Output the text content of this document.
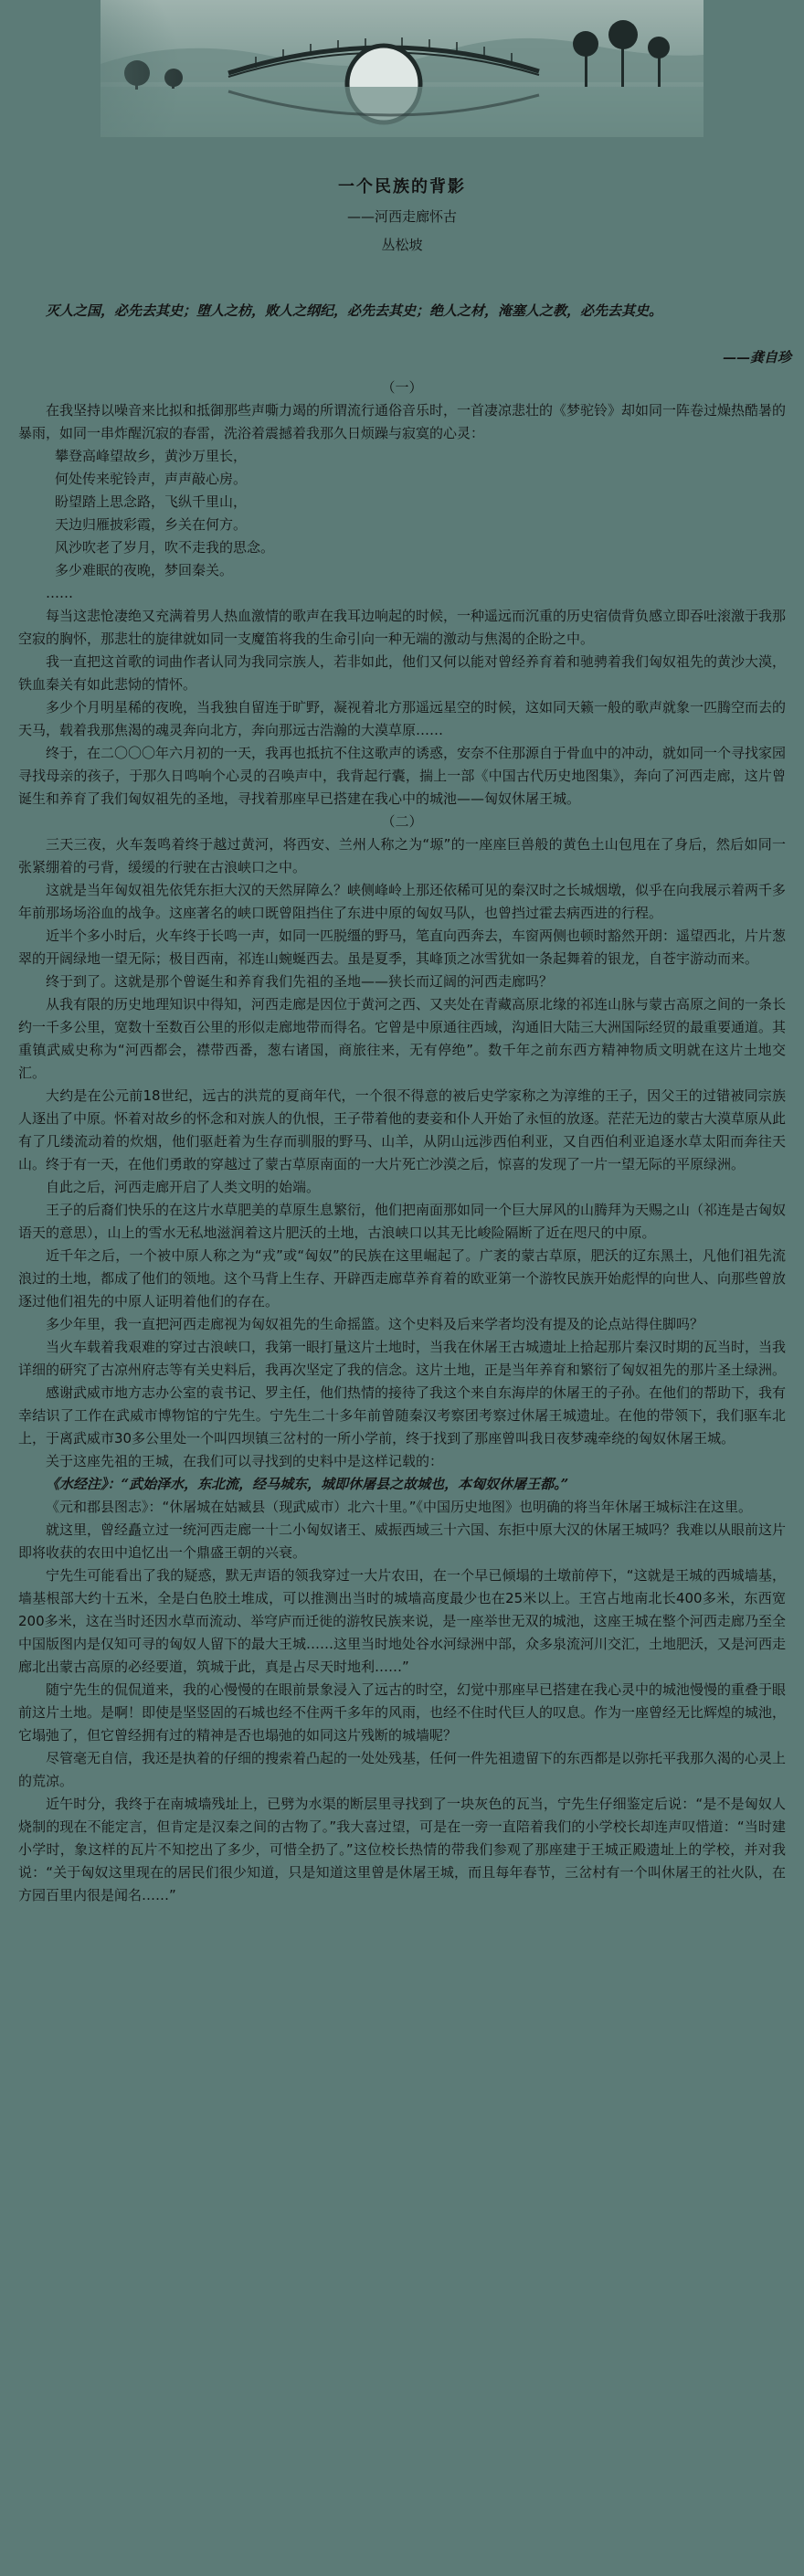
一个民族的背影
——河西走廊怀古
丛松坡
灭人之国，必先去其史；堕人之枋，败人之纲纪，必先去其史；绝人之材，淹塞人之教，必先去其史。
——龚自珍
（一）

在我坚持以噪音来比拟和抵御那些声嘶力竭的所谓流行通俗音乐时，一首凄凉悲壮的《梦驼铃》却如同一阵卷过燥热酷暑的暴雨，如同一串炸醒沉寂的春雷，洗浴着震撼着我那久日烦躁与寂寞的心灵：

攀登高峰望故乡，黄沙万里长，
何处传来驼铃声，声声敲心房。
盼望踏上思念路，飞纵千里山，
天边归雁披彩霞，乡关在何方。
风沙吹老了岁月，吹不走我的思念。
多少难眠的夜晚，梦回秦关。
……

每当这悲怆凄绝又充满着男人热血激情的歌声在我耳边响起的时候，一种遥远而沉重的历史宿债背负感立即吞吐滚激于我那空寂的胸怀，那悲壮的旋律就如同一支魔笛将我的生命引向一种无端的激动与焦渴的企盼之中。

我一直把这首歌的词曲作者认同为我同宗族人，若非如此，他们又何以能对曾经养育着和驰骋着我们匈奴祖先的黄沙大漠，铁血秦关有如此悲恸的情怀。

多少个月明星稀的夜晚，当我独自留连于旷野，凝视着北方那遥远星空的时候，这如同天籁一般的歌声就象一匹腾空而去的天马，载着我那焦渴的魂灵奔向北方，奔向那远古浩瀚的大漠草原……

终于，在二〇〇〇年六月初的一天，我再也抵抗不住这歌声的诱惑，安奈不住那源自于骨血中的冲动，就如同一个寻找家园寻找母亲的孩子，于那久日鸣响个心灵的召唤声中，我背起行囊，揣上一部《中国古代历史地图集》，奔向了河西走廊，这片曾诞生和养育了我们匈奴祖先的圣地，寻找着那座早已搭建在我心中的城池——匈奴休屠王城。

（二）

三天三夜，火车轰鸣着终于越过黄河，将西安、兰州人称之为“塬”的一座座巨兽般的黄色土山包甩在了身后，然后如同一张紧绷着的弓背，缓缓的行驶在古浪峡口之中。

这就是当年匈奴祖先依凭东拒大汉的天然屏障么？峡侧峰岭上那还依稀可见的秦汉时之长城烟墩，似乎在向我展示着两千多年前那场场浴血的战争。这座著名的峡口既曾阻挡住了东进中原的匈奴马队，也曾挡过霍去病西进的行程。

近半个多小时后，火车终于长鸣一声，如同一匹脱缰的野马，笔直向西奔去，车窗两侧也顿时豁然开朗：遥望西北，片片葱翠的开阔绿地一望无际；极目西南，祁连山蜿蜒西去。虽是夏季，其峰顶之冰雪犹如一条起舞着的银龙，自苍宇游动而来。

终于到了。这就是那个曾诞生和养育我们先祖的圣地——狭长而辽阔的河西走廊吗？

从我有限的历史地理知识中得知，河西走廊是因位于黄河之西、又夹处在青藏高原北缘的祁连山脉与蒙古高原之间的一条长约一千多公里，宽数十至数百公里的形似走廊地带而得名。它曾是中原通往西域，沟通旧大陆三大洲国际经贸的最重要通道。其重镇武威史称为“河西都会，襟带西番，葱右诸国，商旅往来，无有停绝”。数千年之前东西方精神物质文明就在这片土地交汇。

大约是在公元前18世纪，远古的洪荒的夏商年代，一个很不得意的被后史学家称之为淳维的王子，因父王的过错被同宗族人逐出了中原。怀着对故乡的怀念和对族人的仇恨，王子带着他的妻妾和仆人开始了永恒的放逐。茫茫无边的蒙古大漠草原从此有了几缕流动着的炊烟，他们驱赶着为生存而驯服的野马、山羊，从阴山远涉西伯利亚，又自西伯利亚追逐水草太阳而奔往天山。终于有一天，在他们勇敢的穿越过了蒙古草原南面的一大片死亡沙漠之后，惊喜的发现了一片一望无际的平原绿洲。

自此之后，河西走廊开启了人类文明的始端。

王子的后裔们快乐的在这片水草肥美的草原生息繁衍，他们把南面那如同一个巨大屏风的山腾拜为天赐之山（祁连是古匈奴语天的意思），山上的雪水无私地滋润着这片肥沃的土地，古浪峡口以其无比峻险隔断了近在咫尺的中原。

近千年之后，一个被中原人称之为“戎”或“匈奴”的民族在这里崛起了。广袤的蒙古草原，肥沃的辽东黑土，凡他们祖先流浪过的土地，都成了他们的领地。这个马背上生存、开辟西走廊草养育着的欧亚第一个游牧民族开始彪悍的向世人、向那些曾放逐过他们祖先的中原人证明着他们的存在。

多少年里，我一直把河西走廊视为匈奴祖先的生命摇篮。这个史料及后来学者均没有提及的论点站得住脚吗？

当火车载着我艰难的穿过古浪峡口，我第一眼打量这片土地时，当我在休屠王古城遗址上拾起那片秦汉时期的瓦当时，当我详细的研究了古凉州府志等有关史料后，我再次坚定了我的信念。这片土地，正是当年养育和繁衍了匈奴祖先的那片圣土绿洲。

感谢武威市地方志办公室的袁书记、罗主任，他们热情的接待了我这个来自东海岸的休屠王的子孙。在他们的帮助下，我有幸结识了工作在武威市博物馆的宁先生。宁先生二十多年前曾随秦汉考察团考察过休屠王城遗址。在他的带领下，我们驱车北上，于离武威市30多公里处一个叫四坝镇三岔村的一所小学前，终于找到了那座曾叫我日夜梦魂牵绕的匈奴休屠王城。

关于这座先祖的王城，在我们可以寻找到的史料中是这样记载的：

《水经注》：“武始泽水，东北流，经马城东，城即休屠县之故城也，本匈奴休屠王都。”

《元和郡县图志》：“休屠城在姑臧县（现武威市）北六十里。”《中国历史地图》也明确的将当年休屠王城标注在这里。

就这里，曾经矗立过一统河西走廊一十二小匈奴诸王、威振西域三十六国、东拒中原大汉的休屠王城吗？我难以从眼前这片即将收获的农田中追忆出一个鼎盛王朝的兴衰。

宁先生可能看出了我的疑惑，默无声语的领我穿过一大片农田，在一个早已倾塌的土墩前停下，“这就是王城的西城墙基，墙基根部大约十五米，全是白色胶土堆成，可以推测出当时的城墙高度最少也在25米以上。王宫占地南北长400多米，东西宽200多米，这在当时还因水草而流动、举穹庐而迁徙的游牧民族来说，是一座举世无双的城池，这座王城在整个河西走廊乃至全中国版图内是仅知可寻的匈奴人留下的最大王城……这里当时地处谷水河绿洲中部，众多泉流河川交汇，土地肥沃，又是河西走廊北出蒙古高原的必经要道，筑城于此，真是占尽天时地利……”

随宁先生的侃侃道来，我的心慢慢的在眼前景象浸入了远古的时空，幻觉中那座早已搭建在我心灵中的城池慢慢的重叠于眼前这片土地。是啊！即使是坚竖固的石城也经不住两千多年的风雨，也经不住时代巨人的叹息。作为一座曾经无比辉煌的城池，它塌弛了，但它曾经拥有过的精神是否也塌弛的如同这片残断的城墙呢？

尽管毫无自信，我还是执着的仔细的搜索着凸起的一处处残基，任何一件先祖遗留下的东西都是以弥托平我那久渴的心灵上的荒凉。

近午时分，我终于在南城墙残址上，已劈为水渠的断层里寻找到了一块灰色的瓦当，宁先生仔细鉴定后说：“是不是匈奴人烧制的现在不能定言，但肯定是汉秦之间的古物了。”我大喜过望，可是在一旁一直陪着我们的小学校长却连声叹惜道：“当时建小学时，象这样的瓦片不知挖出了多少，可惜全扔了。”这位校长热情的带我们参观了那座建于王城正殿遗址上的学校，并对我说：“关于匈奴这里现在的居民们很少知道，只是知道这里曾是休屠王城，而且每年春节，三岔村有一个叫休屠王的社火队，在方园百里内很是闻名……”
